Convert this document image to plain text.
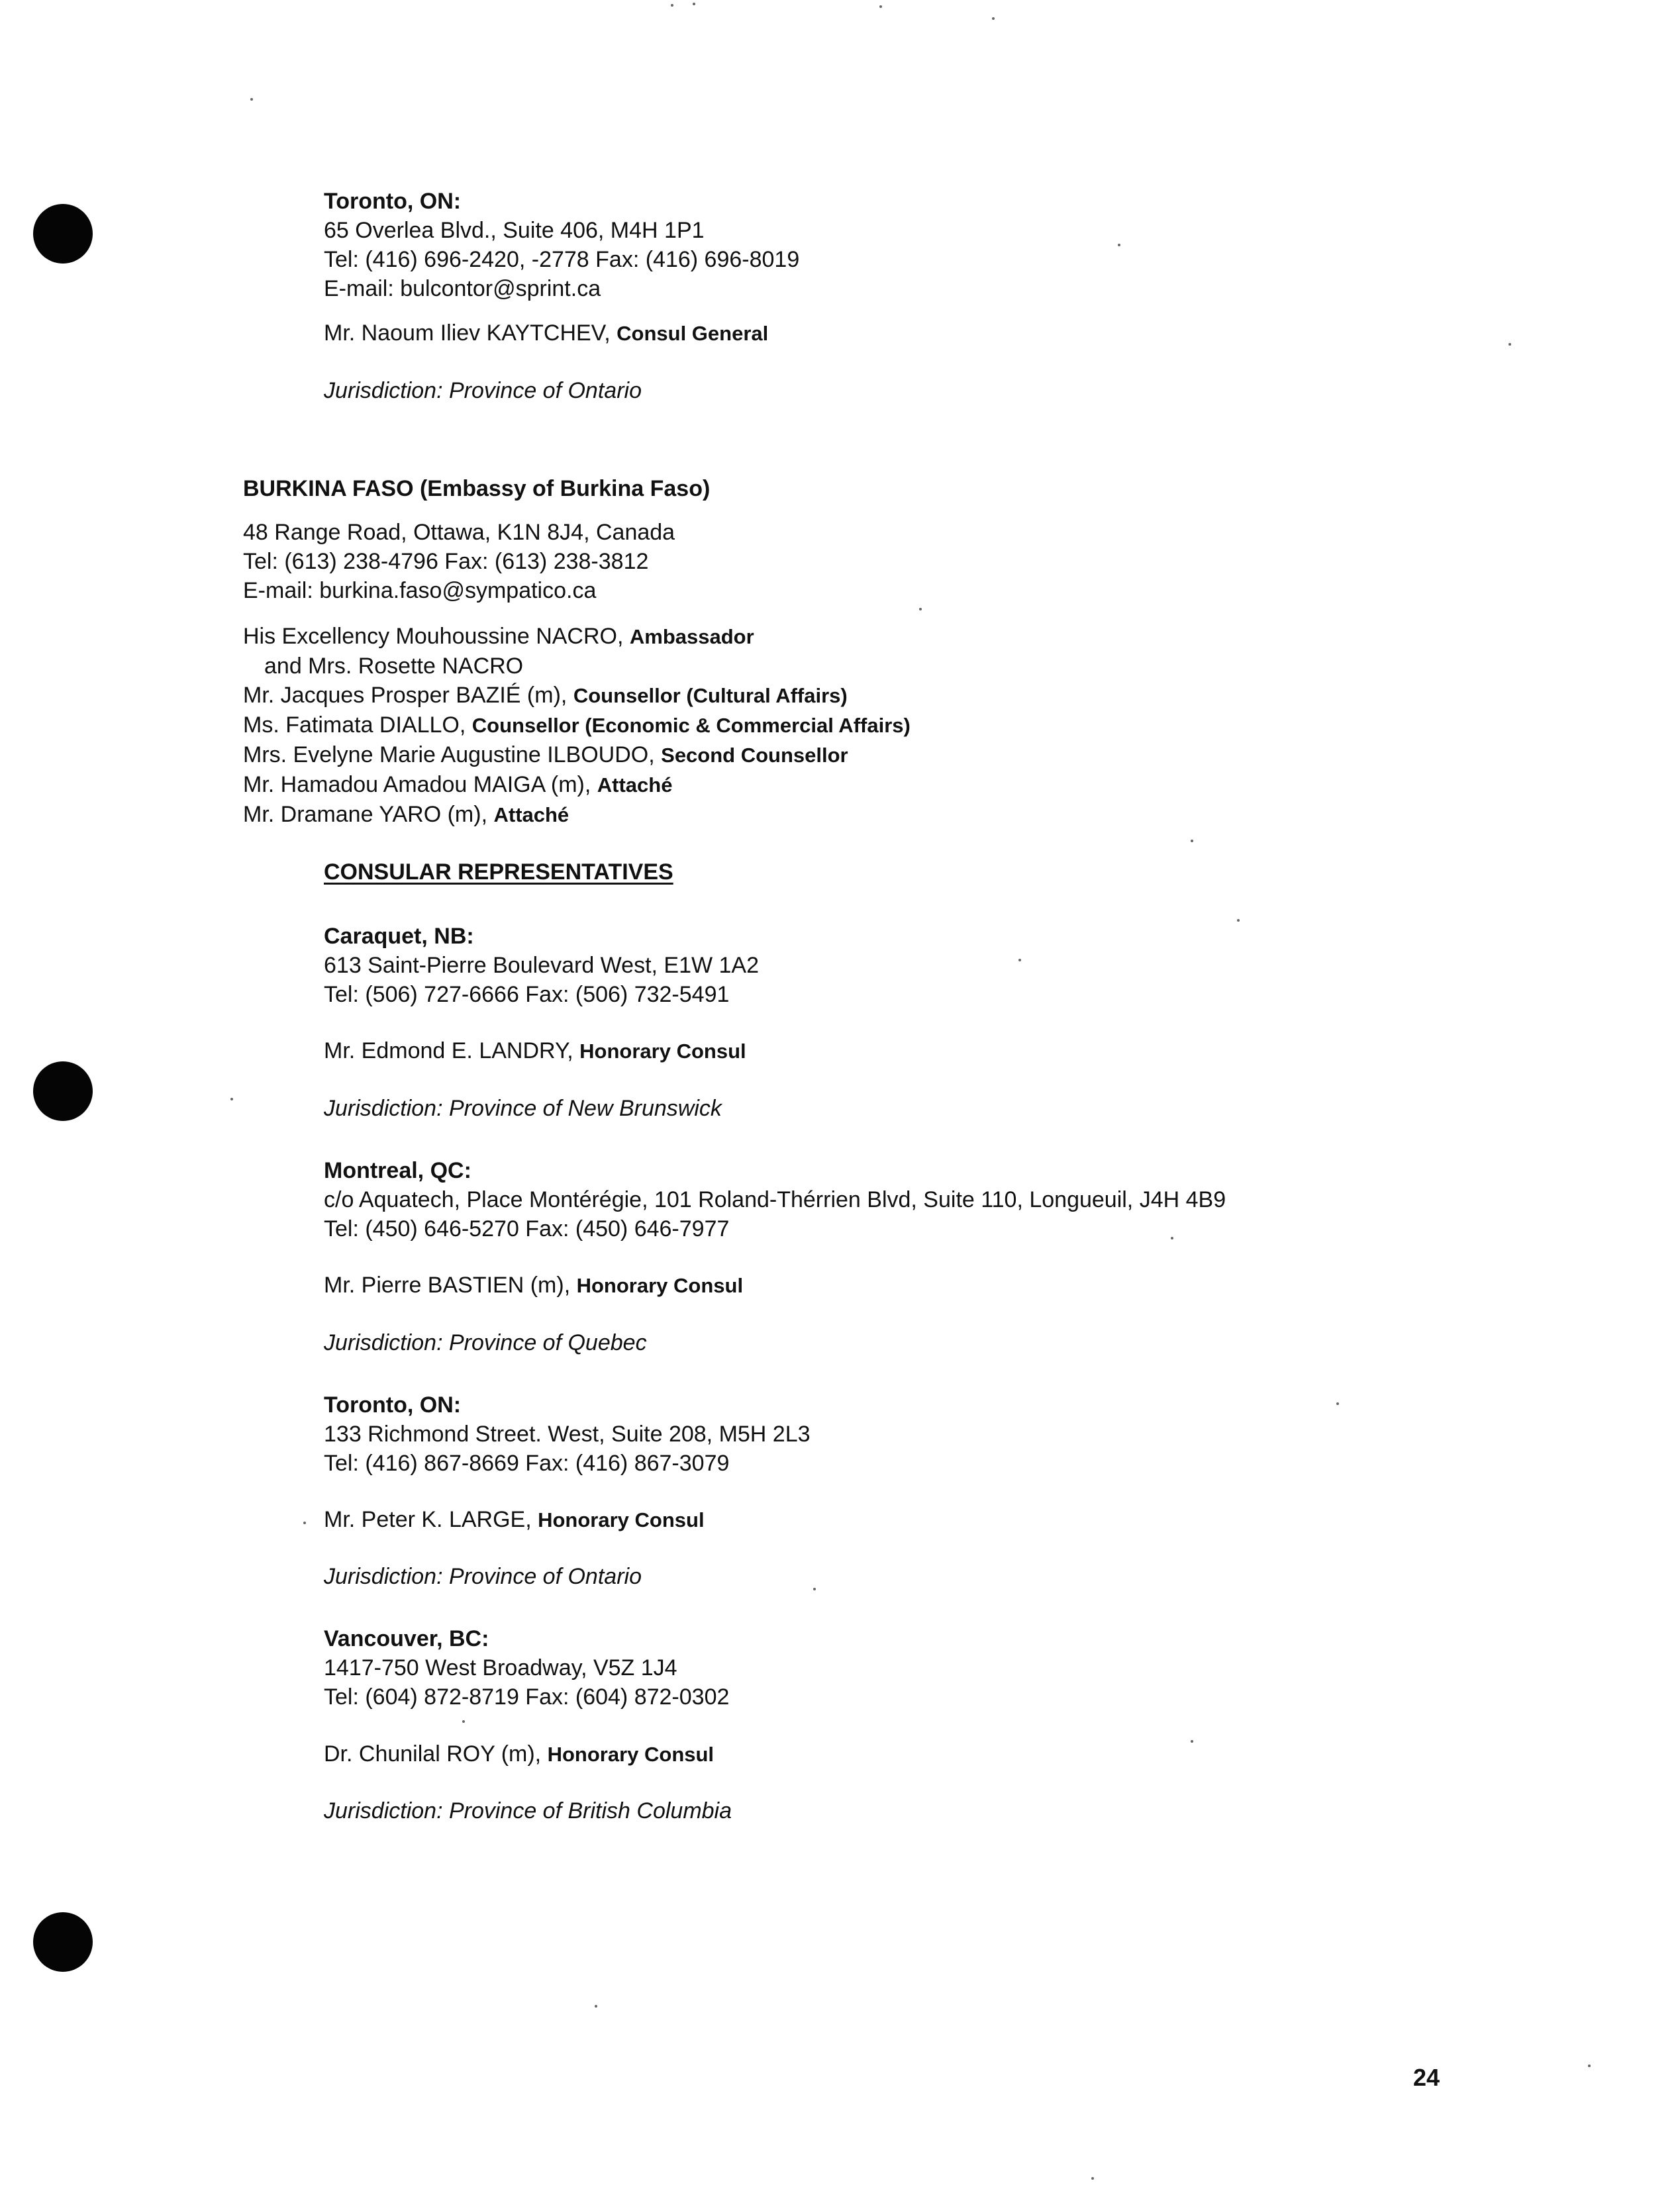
Toronto, ON:
65 Overlea Blvd., Suite 406, M4H 1P1
Tel: (416) 696-2420, -2778 Fax: (416) 696-8019
E-mail: bulcontor@sprint.ca
Mr. Naoum Iliev KAYTCHEV, Consul General
Jurisdiction: Province of Ontario
BURKINA FASO (Embassy of Burkina Faso)
48 Range Road, Ottawa, K1N 8J4, Canada
Tel: (613) 238-4796 Fax: (613) 238-3812
E-mail: burkina.faso@sympatico.ca
His Excellency Mouhoussine NACRO, Ambassador
and Mrs. Rosette NACRO
Mr. Jacques Prosper BAZIÉ (m), Counsellor (Cultural Affairs)
Ms. Fatimata DIALLO, Counsellor (Economic & Commercial Affairs)
Mrs. Evelyne Marie Augustine ILBOUDO, Second Counsellor
Mr. Hamadou Amadou MAIGA (m), Attaché
Mr. Dramane YARO (m), Attaché
CONSULAR REPRESENTATIVES
Caraquet, NB:
613 Saint-Pierre Boulevard West, E1W 1A2
Tel: (506) 727-6666 Fax: (506) 732-5491
Mr. Edmond E. LANDRY, Honorary Consul
Jurisdiction: Province of New Brunswick
Montreal, QC:
c/o Aquatech, Place Montérégie, 101 Roland-Thérrien Blvd, Suite 110, Longueuil, J4H 4B9
Tel: (450) 646-5270 Fax: (450) 646-7977
Mr. Pierre BASTIEN (m), Honorary Consul
Jurisdiction: Province of Quebec
Toronto, ON:
133 Richmond Street. West, Suite 208, M5H 2L3
Tel: (416) 867-8669 Fax: (416) 867-3079
Mr. Peter K. LARGE, Honorary Consul
Jurisdiction: Province of Ontario
Vancouver, BC:
1417-750 West Broadway, V5Z 1J4
Tel: (604) 872-8719 Fax: (604) 872-0302
Dr. Chunilal ROY (m), Honorary Consul
Jurisdiction: Province of British Columbia
24
